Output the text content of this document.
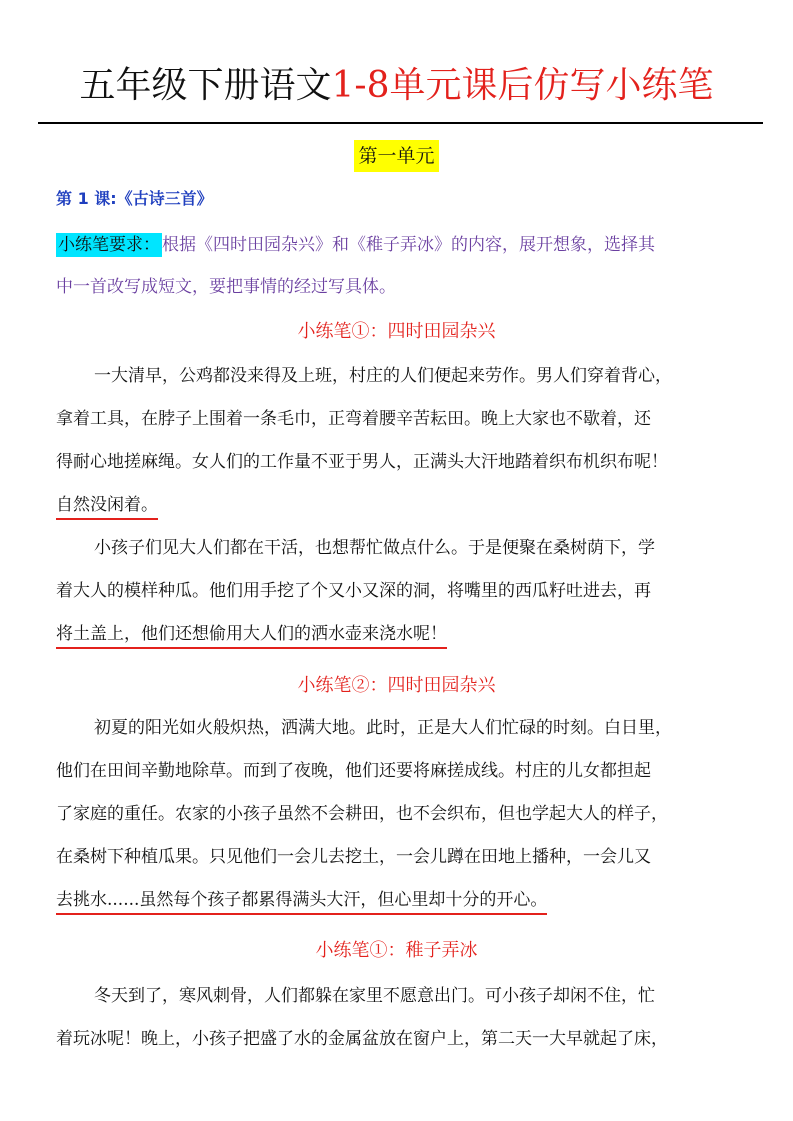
五年级下册语文1-8单元课后仿写小练笔
第一单元
第 1 课:《古诗三首》
小练笔要求： 根据《四时田园杂兴》和《稚子弄冰》的内容，展开想象，选择其
中一首改写成短文，要把事情的经过写具体。
小练笔①：四时田园杂兴
一大清早，公鸡都没来得及上班，村庄的人们便起来劳作。男人们穿着背心，
拿着工具，在脖子上围着一条毛巾，正弯着腰辛苦耘田。晚上大家也不歇着，还
得耐心地搓麻绳。女人们的工作量不亚于男人，正满头大汗地踏着织布机织布呢！
自然没闲着。
小孩子们见大人们都在干活，也想帮忙做点什么。于是便聚在桑树荫下，学
着大人的模样种瓜。他们用手挖了个又小又深的洞，将嘴里的西瓜籽吐进去，再
将土盖上，他们还想偷用大人们的洒水壶来浇水呢！
小练笔②：四时田园杂兴
初夏的阳光如火般炽热，洒满大地。此时，正是大人们忙碌的时刻。白日里，
他们在田间辛勤地除草。而到了夜晚，他们还要将麻搓成线。村庄的儿女都担起
了家庭的重任。农家的小孩子虽然不会耕田，也不会织布，但也学起大人的样子，
在桑树下种植瓜果。只见他们一会儿去挖土，一会儿蹲在田地上播种，一会儿又
去挑水......虽然每个孩子都累得满头大汗，但心里却十分的开心。
小练笔①：稚子弄冰
冬天到了，寒风刺骨，人们都躲在家里不愿意出门。可小孩子却闲不住，忙
着玩冰呢！晚上，小孩子把盛了水的金属盆放在窗户上，第二天一大早就起了床，
